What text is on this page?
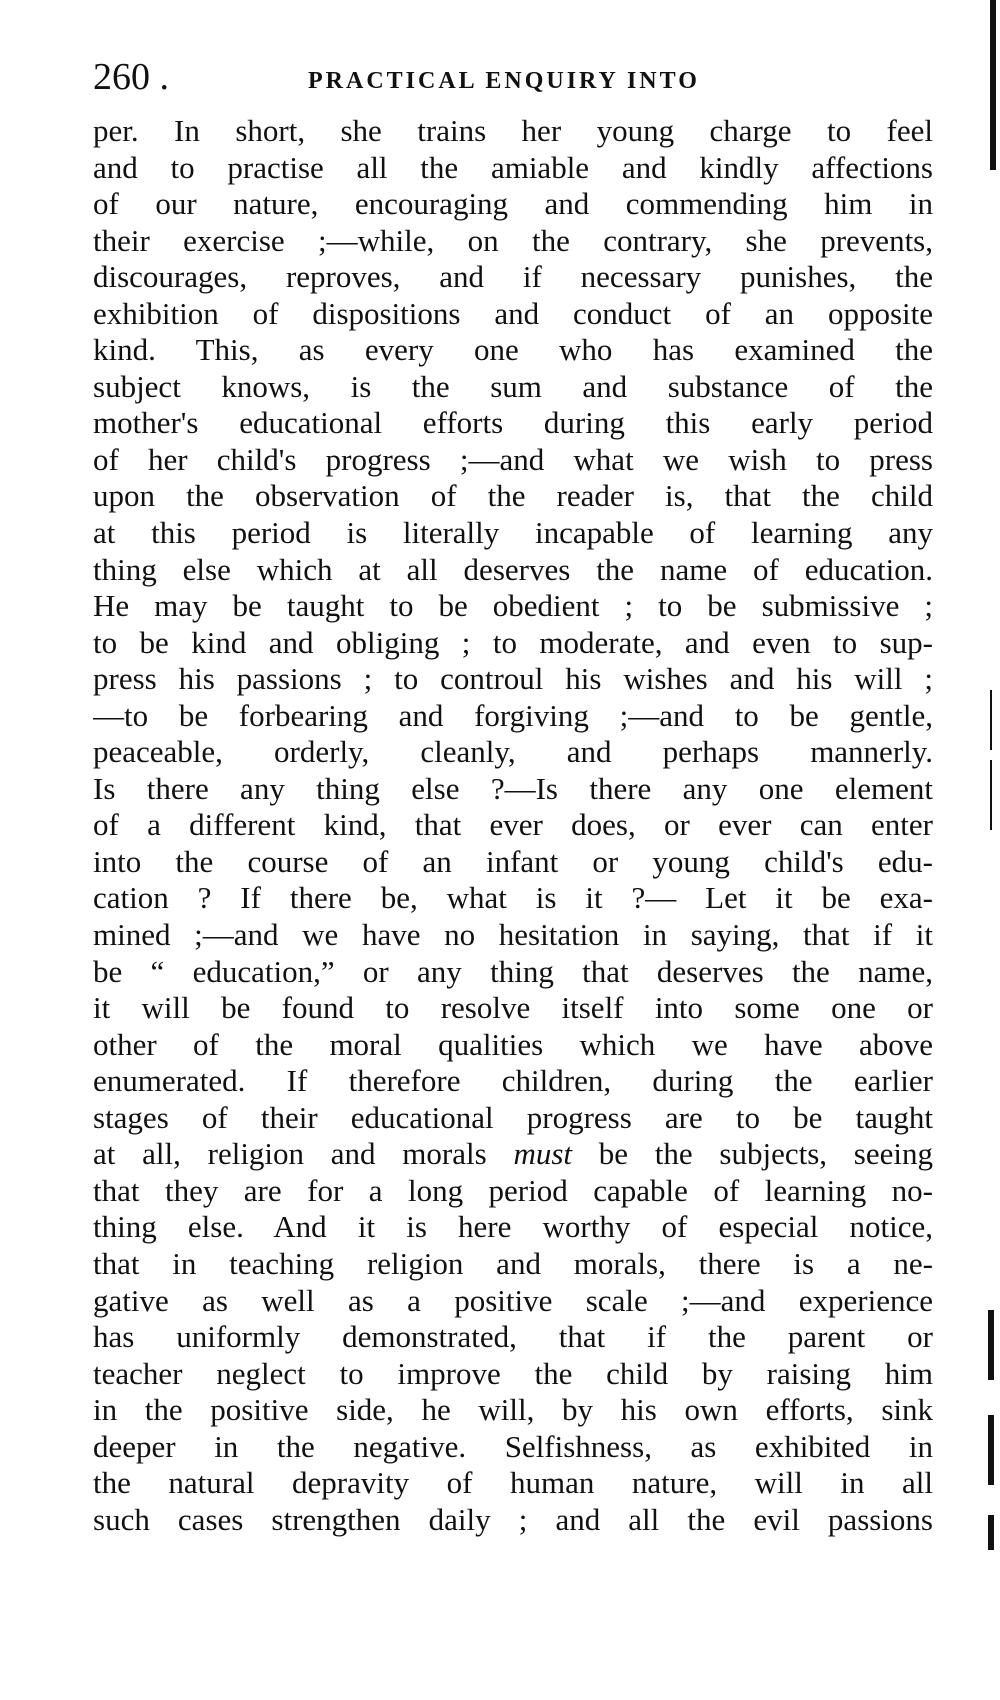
260 .	PRACTICAL ENQUIRY INTO
per. In short, she trains her young charge to feel
and to practise all the amiable and kindly affections
of our nature, encouraging and commending him in
their exercise ;—while, on the contrary, she prevents,
discourages, reproves, and if necessary punishes, the
exhibition of dispositions and conduct of an opposite
kind. This, as every one who has examined the
subject knows, is the sum and substance of the
mother's educational efforts during this early period
of her child's progress ;—and what we wish to press
upon the observation of the reader is, that the child
at this period is literally incapable of learning any
thing else which at all deserves the name of education.
He may be taught to be obedient ; to be submissive ;
to be kind and obliging ; to moderate, and even to sup-
press his passions ; to controul his wishes and his will ;
—to be forbearing and forgiving ;—and to be gentle,
peaceable, orderly, cleanly, and perhaps mannerly.
Is there any thing else ?—Is there any one element
of a different kind, that ever does, or ever can enter
into the course of an infant or young child's edu-
cation ? If there be, what is it ?— Let it be exa-
mined ;—and we have no hesitation in saying, that if it
be “ education,” or any thing that deserves the name,
it will be found to resolve itself into some one or
other of the moral qualities which we have above
enumerated. If therefore children, during the earlier
stages of their educational progress are to be taught
at all, religion and morals must be the subjects, seeing
that they are for a long period capable of learning no-
thing else. And it is here worthy of especial notice,
that in teaching religion and morals, there is a ne-
gative as well as a positive scale ;—and experience
has uniformly demonstrated, that if the parent or
teacher neglect to improve the child by raising him
in the positive side, he will, by his own efforts, sink
deeper in the negative. Selfishness, as exhibited in
the natural depravity of human nature, will in all
such cases strengthen daily ; and all the evil passions
